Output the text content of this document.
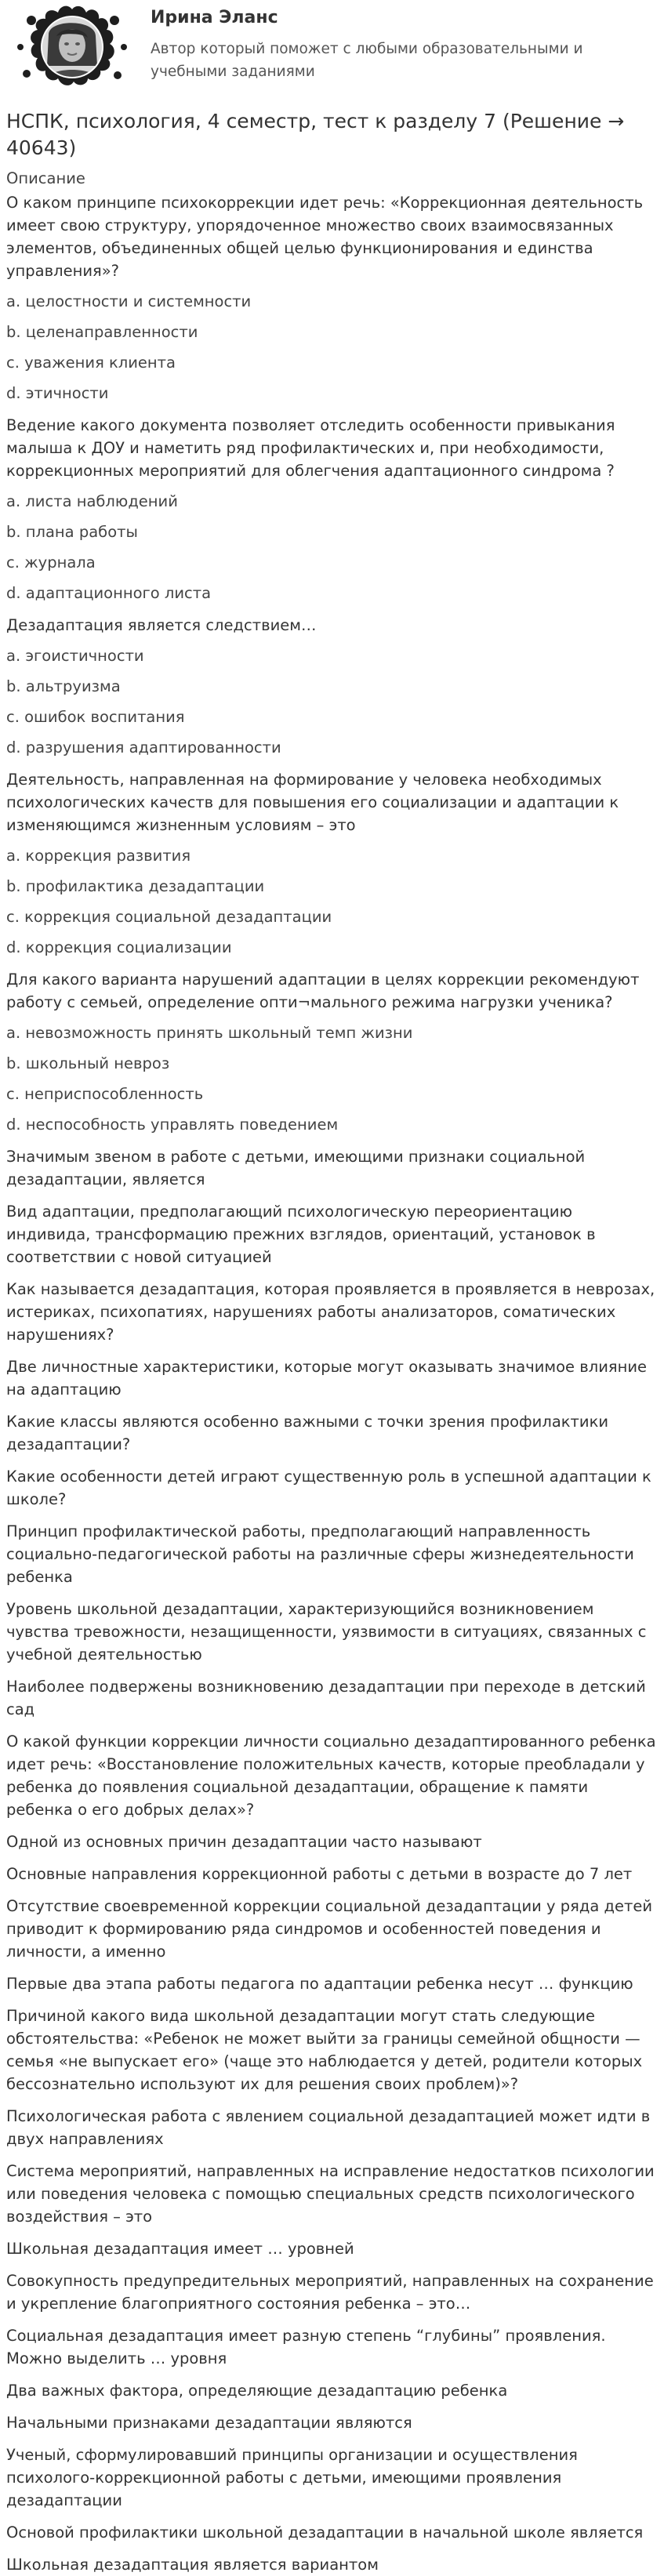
Ирина Эланс

Автор который поможет с любыми образовательными и учебными заданиями

НСПК, психология, 4 семестр, тест к разделу 7 (Решение → 40643)
Описание

О каком принципе психокоррекции идет речь: «Коррекционная деятельность имеет свою структуру, упорядоченное множество своих взаимосвязанных элементов, объединенных общей целью функционирования и единства управления»?

a. целостности и системности
b. целенаправленности
c. уважения клиента
d. этичности

Ведение какого документа позволяет отследить особенности привыкания малыша к ДОУ и наметить ряд профилактических и, при необходимости, коррекционных мероприятий для облегчения адаптационного синдрома ?

a. листа наблюдений
b. плана работы
c. журнала
d. адаптационного листа

Дезадаптация является следствием…

a. эгоистичности
b. альтруизма
c. ошибок воспитания
d. разрушения адаптированности

Деятельность, направленная на формирование у человека необходимых психологических качеств для повышения его социализации и адаптации к изменяющимся жизненным условиям – это

a. коррекция развития
b. профилактика дезадаптации
c. коррекция социальной дезадаптации
d. коррекция социализации

Для какого варианта нарушений адаптации в целях коррекции рекомендуют работу с семьей, определение опти¬мального режима нагрузки ученика?

a. невозможность принять школьный темп жизни
b. школьный невроз
c. неприспособленность
d. неспособность управлять поведением

Значимым звеном в работе с детьми, имеющими признаки социальной дезадаптации, является

Вид адаптации, предполагающий психологическую переориентацию индивида, трансформацию прежних взглядов, ориентаций, установок в соответствии с новой ситуацией

Как называется дезадаптация, которая проявляется в проявляется в неврозах, истериках, психопатиях, нарушениях работы анализаторов, соматических нарушениях?

Две личностные характеристики, которые могут оказывать значимое влияние на адаптацию

Какие классы являются особенно важными с точки зрения профилактики дезадаптации?

Какие особенности детей играют существенную роль в успешной адаптации к школе?

Принцип профилактической работы, предполагающий направленность социально-педагогической работы на различные сферы жизнедеятельности ребенка

Уровень школьной дезадаптации, характеризующийся возникновением чувства тревожности, незащищенности, уязвимости в ситуациях, связанных с учебной деятельностью

Наиболее подвержены возникновению дезадаптации при переходе в детский сад

О какой функции коррекции личности социально дезадаптированного ребенка идет речь: «Восстановление положительных качеств, которые преобладали у ребенка до появления социальной дезадаптации, обращение к памяти ребенка о его добрых делах»?

Одной из основных причин дезадаптации часто называют

Основные направления коррекционной работы с детьми в возрасте до 7 лет

Отсутствие своевременной коррекции социальной дезадаптации у ряда детей приводит к формированию ряда синдромов и особенностей поведения и личности, а именно

Первые два этапа работы педагога по адаптации ребенка несут … функцию

Причиной какого вида школьной дезадаптации могут стать следующие обстоятельства: «Ребенок не может выйти за границы семейной общности — семья «не выпускает его» (чаще это наблюдается у детей, родители которых бессознательно используют их для решения своих проблем)»?

Психологическая работа с явлением социальной дезадаптацией может идти в двух направлениях

Система мероприятий, направленных на исправление недостатков психологии или поведения человека с помощью специальных средств психологического воздействия – это

Школьная дезадаптация имеет … уровней

Совокупность предупредительных мероприятий, направленных на сохранение и укрепление благоприятного состояния ребенка – это…

Социальная дезадаптация имеет разную степень “глубины” проявления. Можно выделить … уровня

Два важных фактора, определяющие дезадаптацию ребенка

Начальными признаками дезадаптации являются

Ученый, сформулировавший принципы организации и осуществления психолого-коррекционной работы с детьми, имеющими проявления дезадаптации

Основой профилактики школьной дезадаптации в начальной школе является

Школьная дезадаптация является вариантом
